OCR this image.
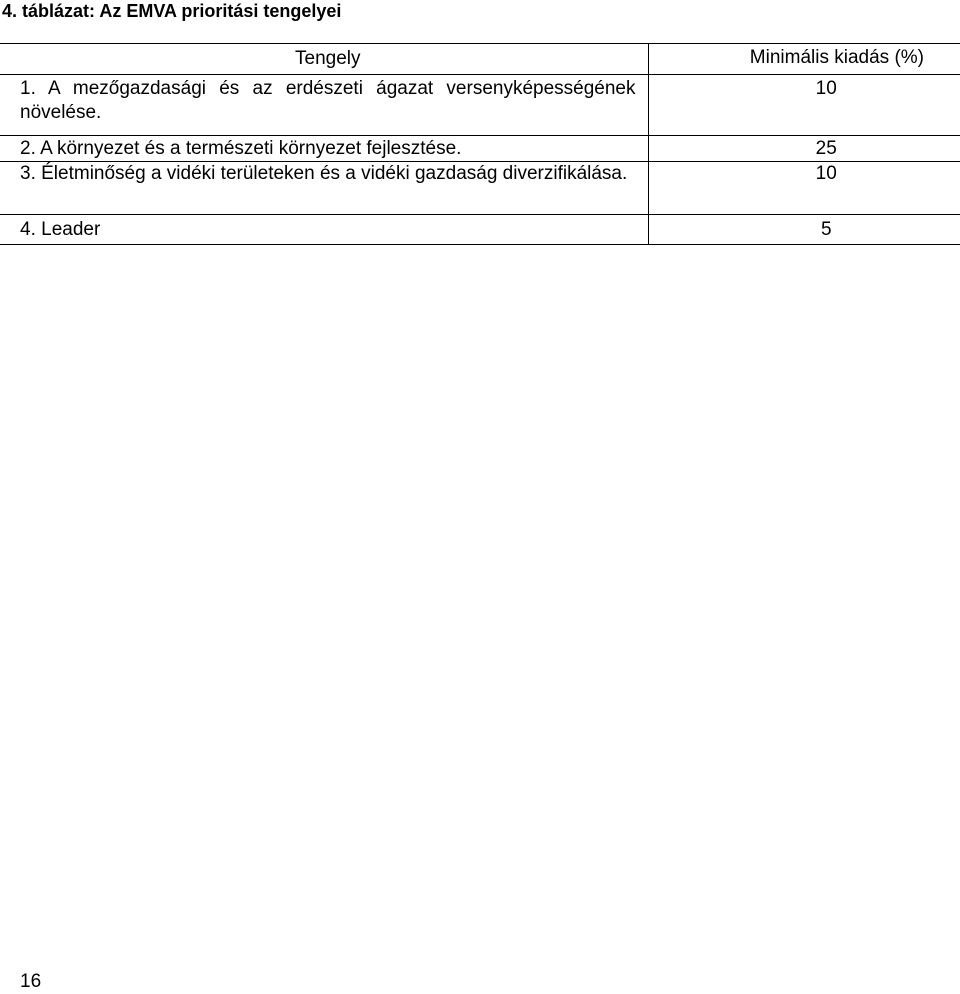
4. táblázat: Az EMVA prioritási tengelyei
Tengely	Minimális kiadás (%)
1. A mezőgazdasági és az erdészeti ágazat versenyképességének növelése.	10
2. A környezet és a természeti környezet fejlesztése.	25
3. Életminőség a vidéki területeken és a vidéki gazdaság diverzifikálása.	10
4. Leader	5
16
